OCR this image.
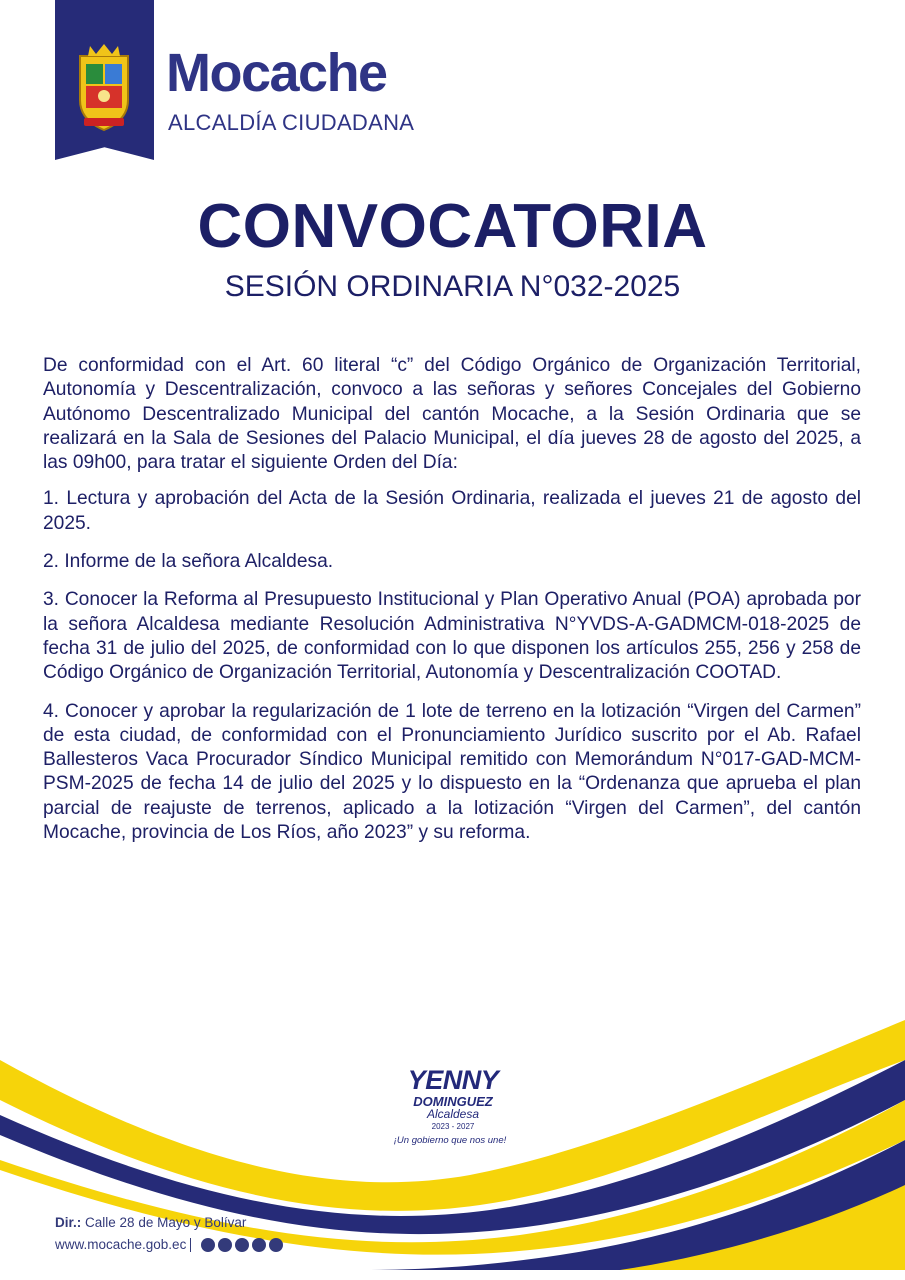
Mocache
ALCALDÍA CIUDADANA
CONVOCATORIA
SESIÓN ORDINARIA N°032-2025

De conformidad con el Art. 60 literal “c” del Código Orgánico de Organización Territorial, Autonomía y Descentralización, convoco a las señoras y señores Concejales del Gobierno Autónomo Descentralizado Municipal del cantón Mocache, a la Sesión Ordinaria que se realizará en la Sala de Sesiones del Palacio Municipal, el día jueves 28 de agosto del 2025, a las 09h00, para tratar el siguiente Orden del Día:

1. Lectura y aprobación del Acta de la Sesión Ordinaria, realizada el jueves 21 de agosto del 2025.

2. Informe de la señora Alcaldesa.

3. Conocer la Reforma al Presupuesto Institucional y Plan Operativo Anual (POA) aprobada por la señora Alcaldesa mediante Resolución Administrativa N°YVDS-A-GADMCM-018-2025 de fecha 31 de julio del 2025, de conformidad con lo que disponen los artículos 255, 256 y 258 de Código Orgánico de Organización Territorial, Autonomía y Descentralización COOTAD.

4. Conocer y aprobar la regularización de 1 lote de terreno en la lotización “Virgen del Carmen” de esta ciudad, de conformidad con el Pronunciamiento Jurídico suscrito por el Ab. Rafael Ballesteros Vaca Procurador Síndico Municipal remitido con Memorándum N°017-GAD-MCM-PSM-2025 de fecha 14 de julio del 2025 y lo dispuesto en la “Ordenanza que aprueba el plan parcial de reajuste de terrenos, aplicado a la lotización “Virgen del Carmen”, del cantón Mocache, provincia de Los Ríos, año 2023” y su reforma.

YENNY
DOMINGUEZ
Alcaldesa
2023 - 2027
¡Un gobierno que nos une!
Dir.: Calle 28 de Mayo y Bolívar
www.mocache.gob.ec
